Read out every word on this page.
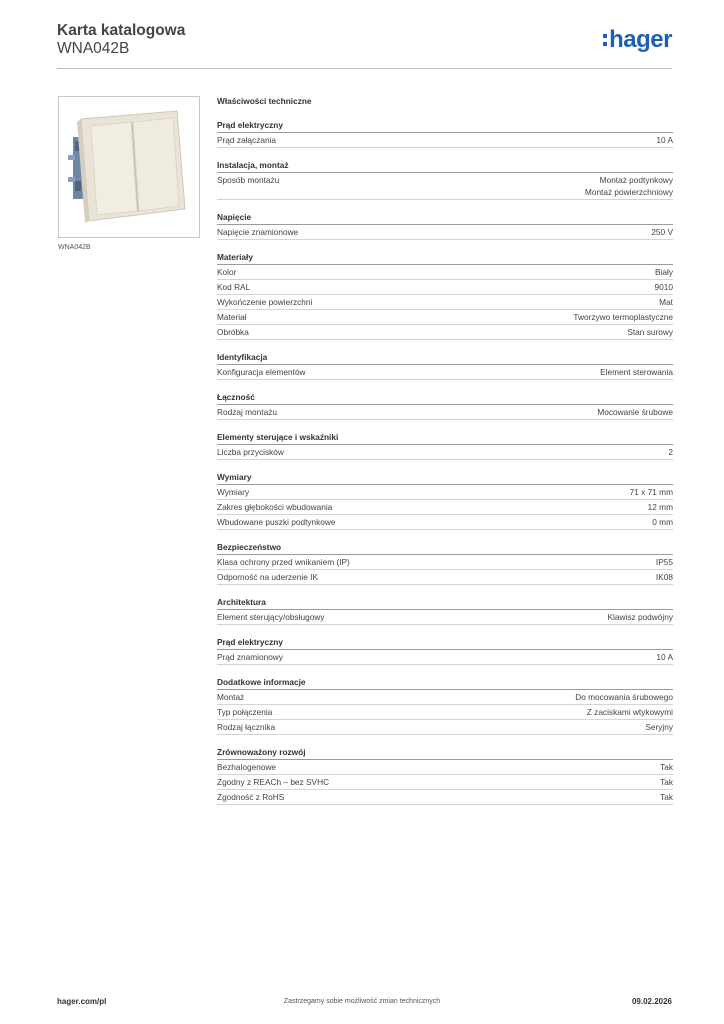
Karta katalogowa
WNA042B	hager
WNA042B
Właściwości techniczne
Prąd elektryczny
Prąd załączania	10 A
Instalacja, montaż
Sposób montażu	Montaż podtynkowy
Montaż powierzchniowy
Napięcie
Napięcie znamionowe	250 V
Materiały
Kolor	Biały
Kod RAL	9010
Wykończenie powierzchni	Mat
Materiał	Tworzywo termoplastyczne
Obróbka	Stan surowy
Identyfikacja
Konfiguracja elementów	Element sterowania
Łączność
Rodzaj montażu	Mocowanie śrubowe
Elementy sterujące i wskaźniki
Liczba przycisków	2
Wymiary
Wymiary	71 x 71 mm
Zakres głębokości wbudowania	12 mm
Wbudowane puszki podtynkowe	0 mm
Bezpieczeństwo
Klasa ochrony przed wnikaniem (IP)	IP55
Odporność na uderzenie IK	IK08
Architektura
Element sterujący/obsługowy	Klawisz podwójny
Prąd elektryczny
Prąd znamionowy	10 A
Dodatkowe informacje
Montaż	Do mocowania śrubowego
Typ połączenia	Z zaciskami wtykowymi
Rodzaj łącznika	Seryjny
Zrównoważony rozwój
Bezhalogenowe	Tak
Zgodny z REACh – bez SVHC	Tak
Zgodność z RoHS	Tak
hager.com/pl	Zastrzegamy sobie możliwość zmian technicznych	09.02.2026
